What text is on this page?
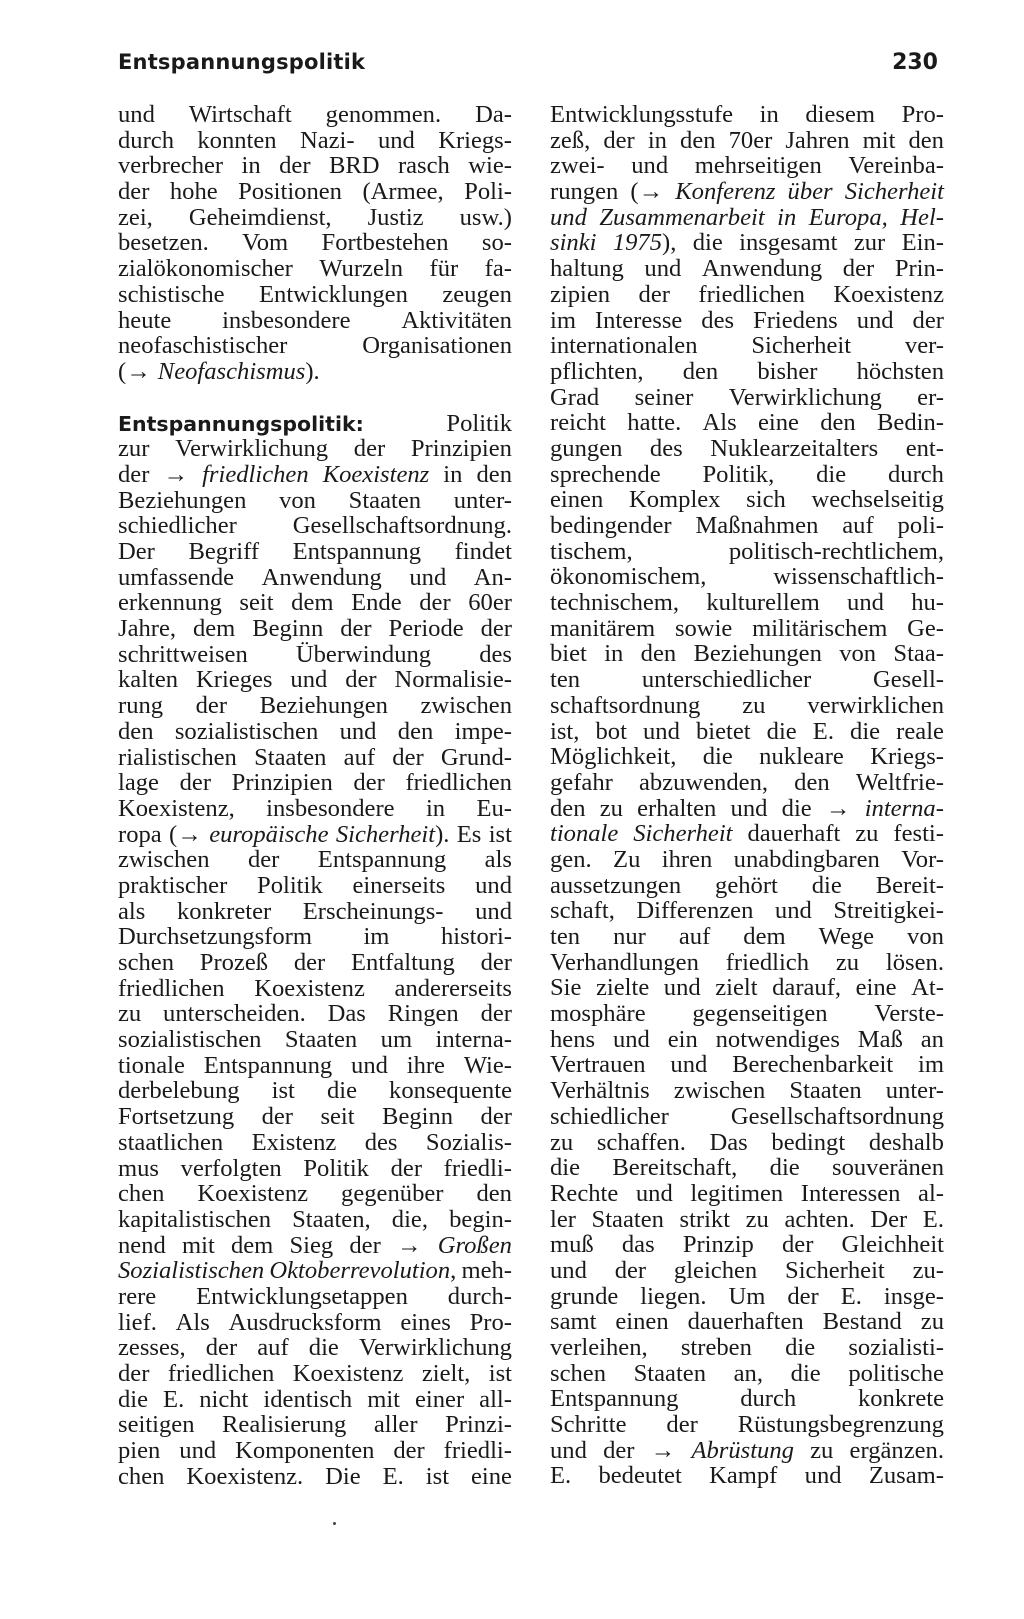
Entspannungspolitik	230
und Wirtschaft genommen. Da-
durch konnten Nazi- und Kriegs-
verbrecher in der BRD rasch wie-
der hohe Positionen (Armee, Poli-
zei, Geheimdienst, Justiz usw.)
besetzen. Vom Fortbestehen so-
zialökonomischer Wurzeln für fa-
schistische Entwicklungen zeugen
heute insbesondere Aktivitäten
neofaschistischer	Organisationen
(→ Neofaschismus).
Entspannungspolitik:	Politik
zur Verwirklichung der Prinzipien
der → friedlichen Koexistenz in den
Beziehungen von Staaten unter-
schiedlicher Gesellschaftsordnung.
Der Begriff Entspannung findet
umfassende Anwendung und An-
erkennung seit dem Ende der 60er
Jahre, dem Beginn der Periode der
schrittweisen Überwindung des
kalten Krieges und der Normalisie-
rung der Beziehungen zwischen
den sozialistischen und den impe-
rialistischen Staaten auf der Grund-
lage der Prinzipien der friedlichen
Koexistenz, insbesondere in Eu-
ropa (→ europäische Sicherheit). Es ist
zwischen der Entspannung als
praktischer Politik einerseits und
als konkreter Erscheinungs- und
Durchsetzungsform im histori-
schen Prozeß der Entfaltung der
friedlichen Koexistenz andererseits
zu unterscheiden. Das Ringen der
sozialistischen Staaten um interna-
tionale Entspannung und ihre Wie-
derbelebung ist die konsequente
Fortsetzung der seit Beginn der
staatlichen Existenz des Sozialis-
mus verfolgten Politik der friedli-
chen Koexistenz gegenüber den
kapitalistischen Staaten, die, begin-
nend mit dem Sieg der → Großen
Sozialistischen Oktoberrevolution, meh-
rere Entwicklungsetappen durch-
lief. Als Ausdrucksform eines Pro-
zesses, der auf die Verwirklichung
der friedlichen Koexistenz zielt, ist
die E. nicht identisch mit einer all-
seitigen Realisierung aller Prinzi-
pien und Komponenten der friedli-
chen Koexistenz. Die E. ist eine
Entwicklungsstufe in diesem Pro-
zeß, der in den 70er Jahren mit den
zwei- und mehrseitigen Vereinba-
rungen (→ Konferenz über Sicherheit
und Zusammenarbeit in Europa, Hel-
sinki 1975), die insgesamt zur Ein-
haltung und Anwendung der Prin-
zipien der friedlichen Koexistenz
im Interesse des Friedens und der
internationalen Sicherheit ver-
pflichten, den bisher höchsten
Grad seiner Verwirklichung er-
reicht hatte. Als eine den Bedin-
gungen des Nuklearzeitalters ent-
sprechende Politik, die durch
einen Komplex sich wechselseitig
bedingender Maßnahmen auf poli-
tischem,	politisch-rechtlichem,
ökonomischem,	wissenschaftlich-
technischem, kulturellem und hu-
manitärem sowie militärischem Ge-
biet in den Beziehungen von Staa-
ten	unterschiedlicher	Gesell-
schaftsordnung zu verwirklichen
ist, bot und bietet die E. die reale
Möglichkeit, die nukleare Kriegs-
gefahr abzuwenden, den Weltfrie-
den zu erhalten und die → interna-
tionale Sicherheit dauerhaft zu festi-
gen. Zu ihren unabdingbaren Vor-
aussetzungen gehört die Bereit-
schaft, Differenzen und Streitigkei-
ten nur auf dem Wege von
Verhandlungen friedlich zu lösen.
Sie zielte und zielt darauf, eine At-
mosphäre gegenseitigen Verste-
hens und ein notwendiges Maß an
Vertrauen und Berechenbarkeit im
Verhältnis zwischen Staaten unter-
schiedlicher	Gesellschaftsordnung
zu schaffen. Das bedingt deshalb
die Bereitschaft, die souveränen
Rechte und legitimen Interessen al-
ler Staaten strikt zu achten. Der E.
muß das Prinzip der Gleichheit
und der gleichen Sicherheit zu-
grunde liegen. Um der E. insge-
samt einen dauerhaften Bestand zu
verleihen, streben die sozialisti-
schen Staaten an, die politische
Entspannung	durch	konkrete
Schritte der Rüstungsbegrenzung
und der → Abrüstung zu ergänzen.
E. bedeutet Kampf und Zusam-
